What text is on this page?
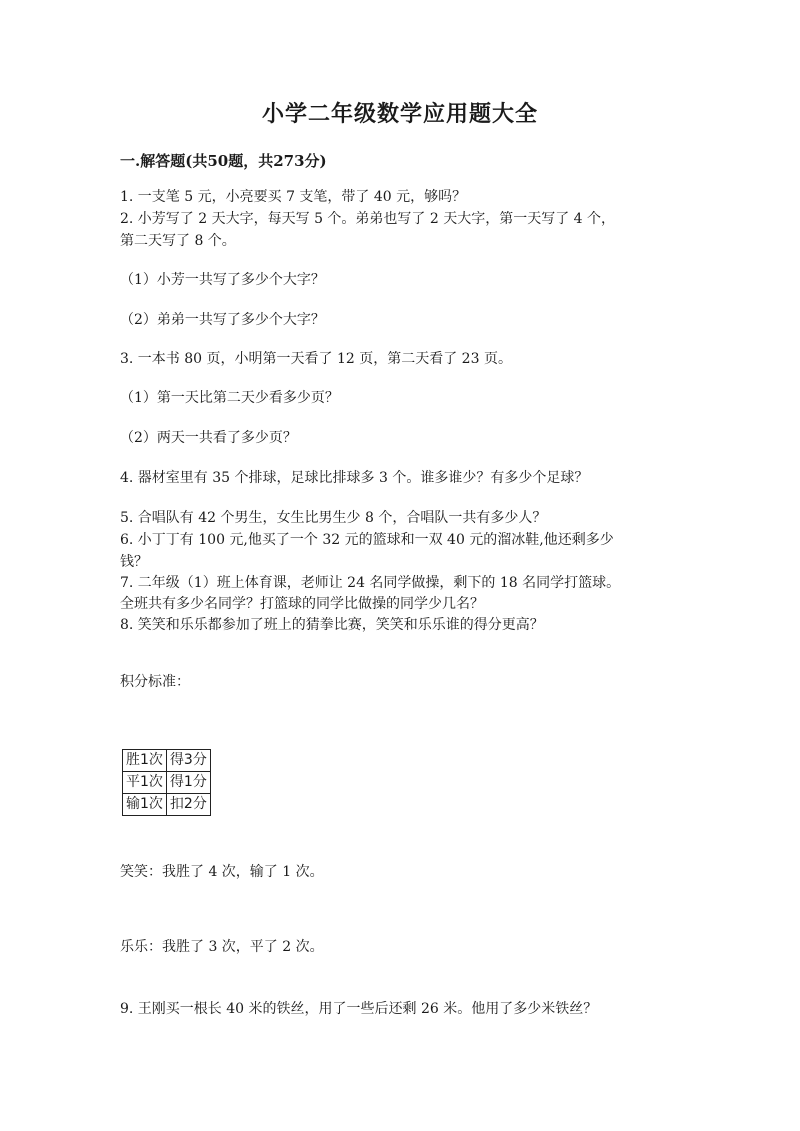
小学二年级数学应用题大全
一.解答题(共50题，共273分)
1. 一支笔 5 元，小亮要买 7 支笔，带了 40 元，够吗？
2. 小芳写了 2 天大字，每天写 5 个。弟弟也写了 2 天大字，第一天写了 4 个，
第二天写了 8 个。
（1）小芳一共写了多少个大字？
（2）弟弟一共写了多少个大字？
3. 一本书 80 页，小明第一天看了 12 页，第二天看了 23 页。
（1）第一天比第二天少看多少页？
（2）两天一共看了多少页？
4. 器材室里有 35 个排球，足球比排球多 3 个。谁多谁少？有多少个足球？
5. 合唱队有 42 个男生，女生比男生少 8 个，合唱队一共有多少人？
6. 小丁丁有 100 元,他买了一个 32 元的篮球和一双 40 元的溜冰鞋,他还剩多少
钱？
7. 二年级（1）班上体育课，老师让 24 名同学做操，剩下的 18 名同学打篮球。
全班共有多少名同学？打篮球的同学比做操的同学少几名？
8. 笑笑和乐乐都参加了班上的猜拳比赛，笑笑和乐乐谁的得分更高？
积分标准：
胜1次	得3分
平1次	得1分
输1次	扣2分
笑笑：我胜了 4 次，输了 1 次。
乐乐：我胜了 3 次，平了 2 次。
9. 王刚买一根长 40 米的铁丝，用了一些后还剩 26 米。他用了多少米铁丝？
